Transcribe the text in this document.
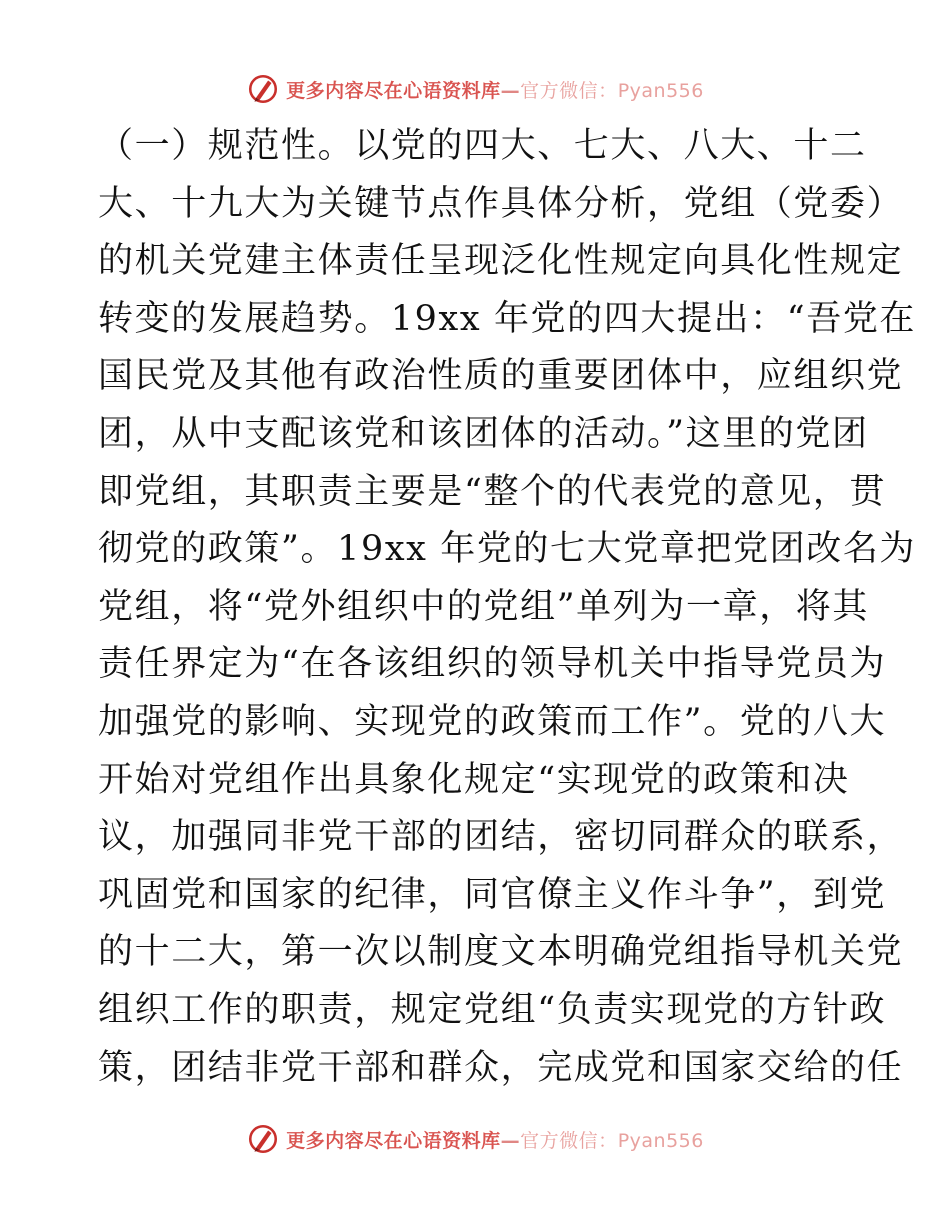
更多内容尽在心语资料库—官方微信：Pyan556
（一）规范性。以党的四大、七大、八大、十二
大、十九大为关键节点作具体分析，党组（党委）
的机关党建主体责任呈现泛化性规定向具化性规定
转变的发展趋势。19xx 年党的四大提出：“吾党在
国民党及其他有政治性质的重要团体中，应组织党
团，从中支配该党和该团体的活动。”这里的党团
即党组，其职责主要是“整个的代表党的意见，贯
彻党的政策”。19xx 年党的七大党章把党团改名为
党组，将“党外组织中的党组”单列为一章，将其
责任界定为“在各该组织的领导机关中指导党员为
加强党的影响、实现党的政策而工作”。党的八大
开始对党组作出具象化规定“实现党的政策和决
议，加强同非党干部的团结，密切同群众的联系，
巩固党和国家的纪律，同官僚主义作斗争”，到党
的十二大，第一次以制度文本明确党组指导机关党
组织工作的职责，规定党组“负责实现党的方针政
策，团结非党干部和群众，完成党和国家交给的任
更多内容尽在心语资料库—官方微信：Pyan556
